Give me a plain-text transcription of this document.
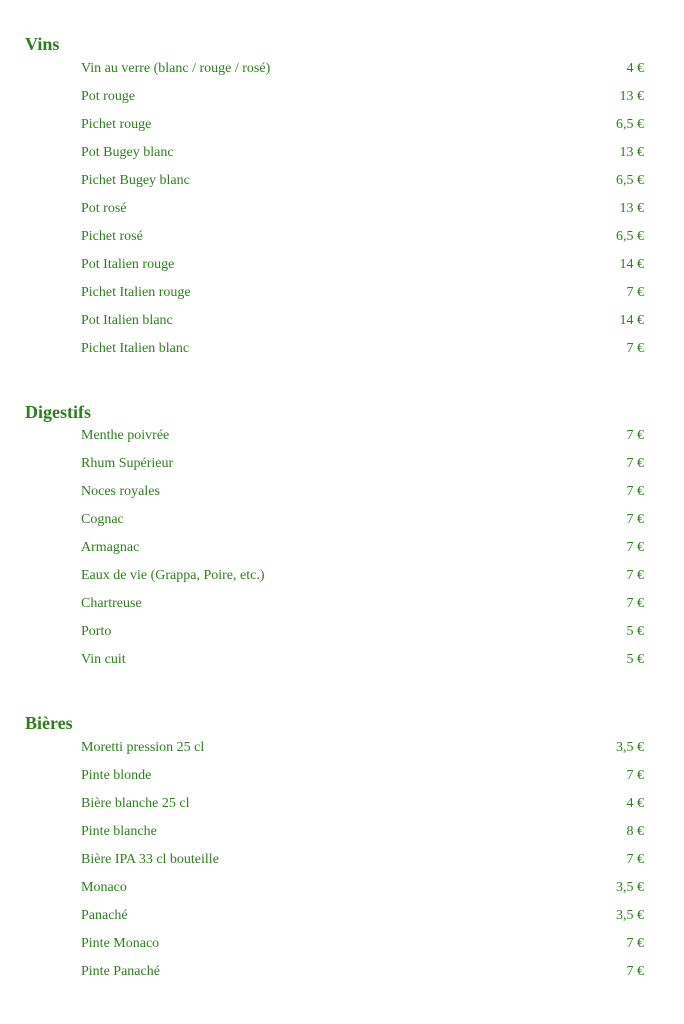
Vins
Vin au verre (blanc / rouge / rosé)	4 €
Pot rouge	13 €
Pichet rouge	6,5 €
Pot Bugey blanc	13 €
Pichet Bugey blanc	6,5 €
Pot rosé	13 €
Pichet rosé	6,5 €
Pot Italien rouge	14 €
Pichet Italien rouge	7 €
Pot Italien blanc	14 €
Pichet Italien blanc	7 €
Digestifs
Menthe poivrée	7 €
Rhum Supérieur	7 €
Noces royales	7 €
Cognac	7 €
Armagnac	7 €
Eaux de vie (Grappa, Poire, etc.)	7 €
Chartreuse	7 €
Porto	5 €
Vin cuit	5 €
Bières
Moretti pression 25 cl	3,5 €
Pinte blonde	7 €
Bière blanche 25 cl	4 €
Pinte blanche	8 €
Bière IPA 33 cl bouteille	7 €
Monaco	3,5 €
Panaché	3,5 €
Pinte Monaco	7 €
Pinte Panaché	7 €
